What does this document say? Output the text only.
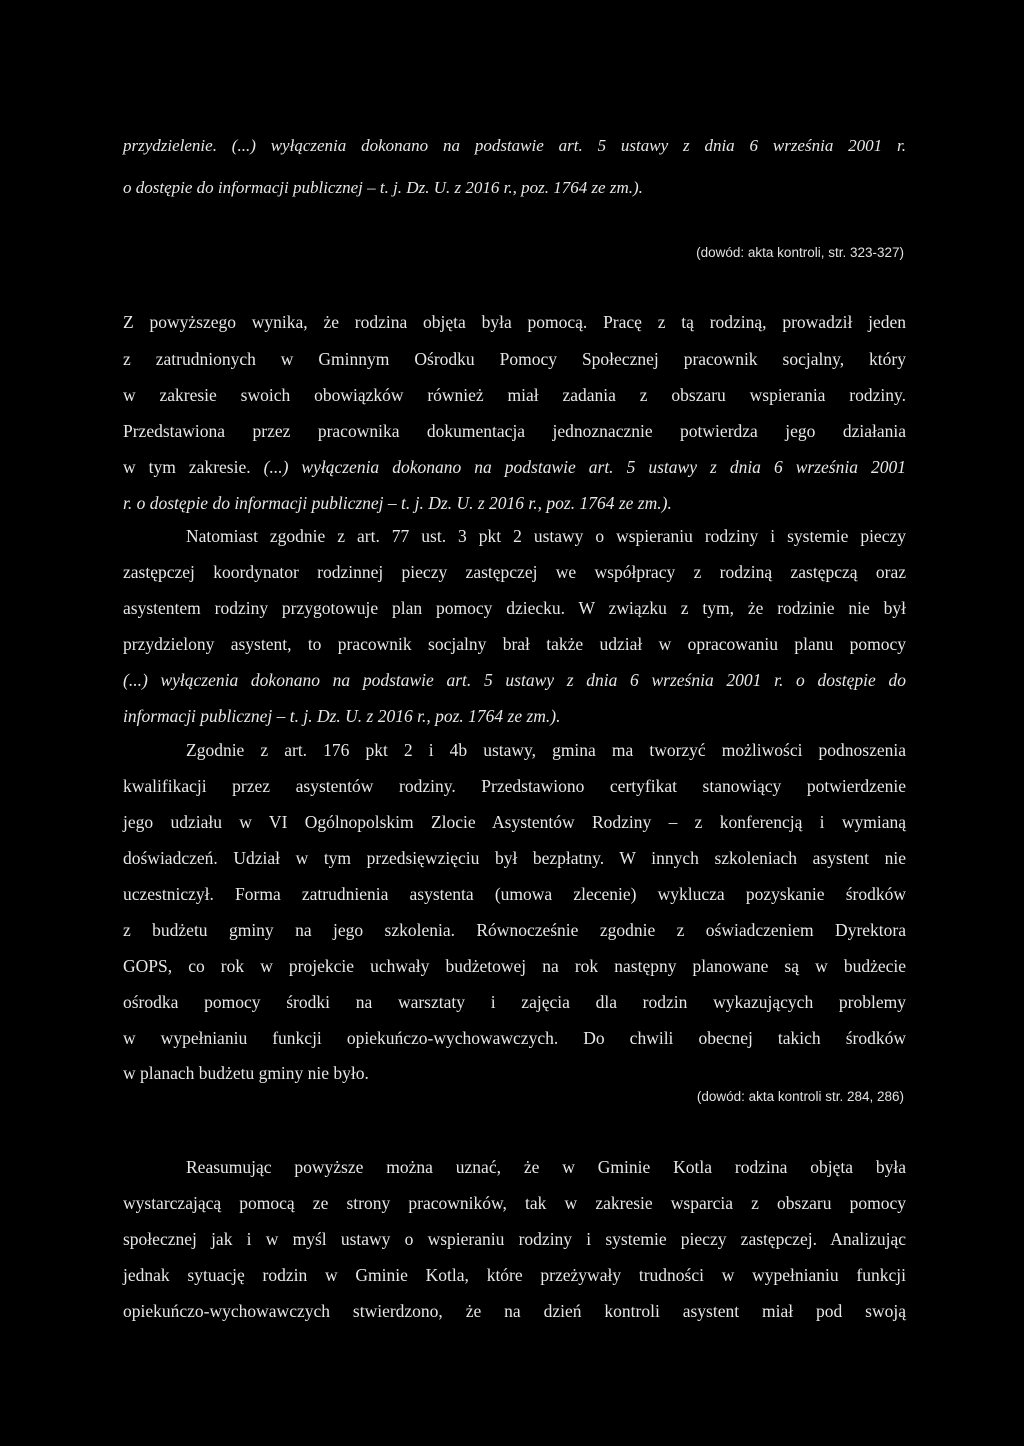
przydzielenie. (...) wyłączenia dokonano na podstawie art. 5 ustawy z dnia 6 września 2001 r.
o dostępie do informacji publicznej – t. j. Dz. U. z 2016 r., poz. 1764 ze zm.).
(dowód: akta kontroli, str. 323-327)
Z powyższego wynika, że rodzina objęta była pomocą. Pracę z tą rodziną, prowadził jeden
z zatrudnionych w Gminnym Ośrodku Pomocy Społecznej pracownik socjalny, który
w zakresie swoich obowiązków również miał zadania z obszaru wspierania rodziny.
Przedstawiona przez pracownika dokumentacja jednoznacznie potwierdza jego działania
w tym zakresie. (...) wyłączenia dokonano na podstawie art. 5 ustawy z dnia 6 września 2001
r. o dostępie do informacji publicznej – t. j. Dz. U. z 2016 r., poz. 1764 ze zm.).
Natomiast zgodnie z art. 77 ust. 3 pkt 2 ustawy o wspieraniu rodziny i systemie pieczy
zastępczej koordynator rodzinnej pieczy zastępczej we współpracy z rodziną zastępczą oraz
asystentem rodziny przygotowuje plan pomocy dziecku. W związku z tym, że rodzinie nie był
przydzielony asystent, to pracownik socjalny brał także udział w opracowaniu planu pomocy
(...) wyłączenia dokonano na podstawie art. 5 ustawy z dnia 6 września 2001 r. o dostępie do
informacji publicznej – t. j. Dz. U. z 2016 r., poz. 1764 ze zm.).
Zgodnie z art. 176 pkt 2 i 4b ustawy, gmina ma tworzyć możliwości podnoszenia
kwalifikacji przez asystentów rodziny. Przedstawiono certyfikat stanowiący potwierdzenie
jego udziału w VI Ogólnopolskim Zlocie Asystentów Rodziny – z konferencją i wymianą
doświadczeń. Udział w tym przedsięwzięciu był bezpłatny. W innych szkoleniach asystent nie
uczestniczył. Forma zatrudnienia asystenta (umowa zlecenie) wyklucza pozyskanie środków
z budżetu gminy na jego szkolenia. Równocześnie zgodnie z oświadczeniem Dyrektora
GOPS, co rok w projekcie uchwały budżetowej na rok następny planowane są w budżecie
ośrodka pomocy środki na warsztaty i zajęcia dla rodzin wykazujących problemy
w wypełnianiu funkcji opiekuńczo-wychowawczych. Do chwili obecnej takich środków
w planach budżetu gminy nie było.
(dowód: akta kontroli str. 284, 286)
Reasumując powyższe można uznać, że w Gminie Kotla rodzina objęta była
wystarczającą pomocą ze strony pracowników, tak w zakresie wsparcia z obszaru pomocy
społecznej jak i w myśl ustawy o wspieraniu rodziny i systemie pieczy zastępczej. Analizując
jednak sytuację rodzin w Gminie Kotla, które przeżywały trudności w wypełnianiu funkcji
opiekuńczo-wychowawczych stwierdzono, że na dzień kontroli asystent miał pod swoją
